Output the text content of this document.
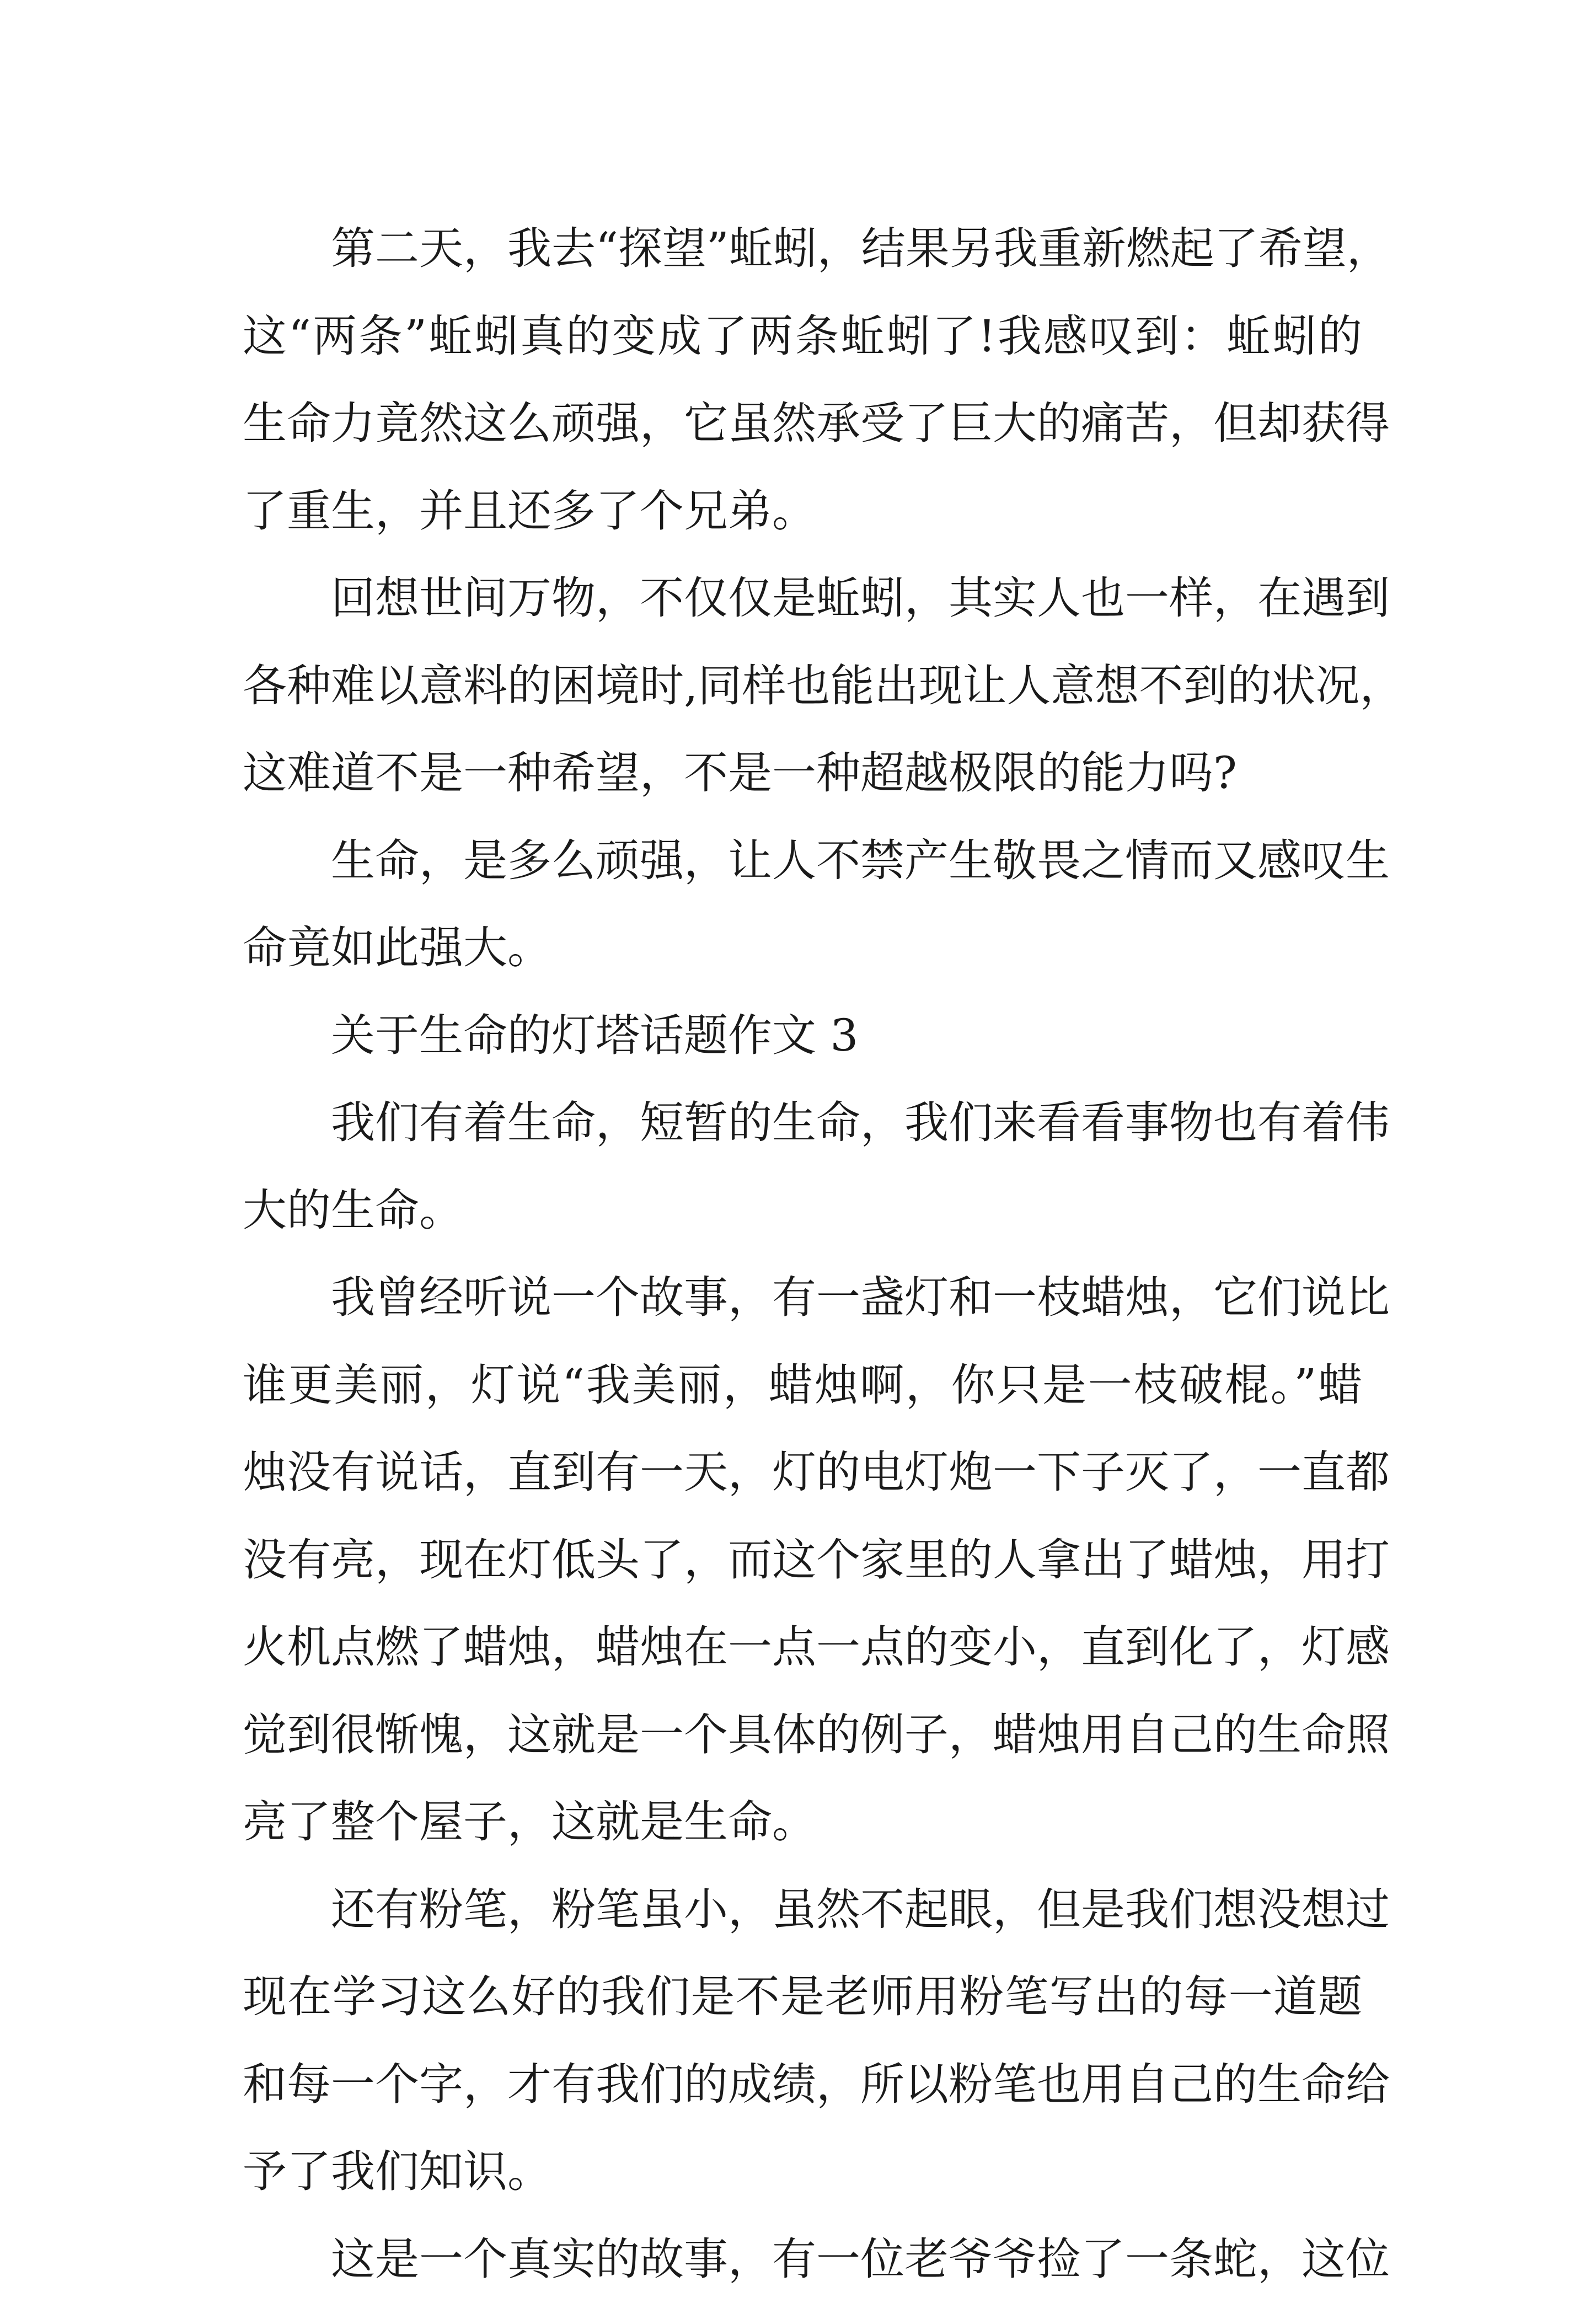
第二天，我去“探望”蚯蚓，结果另我重新燃起了希望，
这“两条”蚯蚓真的变成了两条蚯蚓了!我感叹到：蚯蚓的
生命力竟然这么顽强，它虽然承受了巨大的痛苦，但却获得
了重生，并且还多了个兄弟。
回想世间万物，不仅仅是蚯蚓，其实人也一样，在遇到
各种难以意料的困境时,同样也能出现让人意想不到的状况，
这难道不是一种希望，不是一种超越极限的能力吗?
生命，是多么顽强，让人不禁产生敬畏之情而又感叹生
命竟如此强大。
关于生命的灯塔话题作文 3
我们有着生命，短暂的生命，我们来看看事物也有着伟
大的生命。
我曾经听说一个故事，有一盏灯和一枝蜡烛，它们说比
谁更美丽，灯说“我美丽，蜡烛啊，你只是一枝破棍。”蜡
烛没有说话，直到有一天，灯的电灯炮一下子灭了，一直都
没有亮，现在灯低头了，而这个家里的人拿出了蜡烛，用打
火机点燃了蜡烛，蜡烛在一点一点的变小，直到化了，灯感
觉到很惭愧，这就是一个具体的例子，蜡烛用自己的生命照
亮了整个屋子，这就是生命。
还有粉笔，粉笔虽小，虽然不起眼，但是我们想没想过
现在学习这么好的我们是不是老师用粉笔写出的每一道题
和每一个字，才有我们的成绩，所以粉笔也用自己的生命给
予了我们知识。
这是一个真实的故事，有一位老爷爷捡了一条蛇，这位
